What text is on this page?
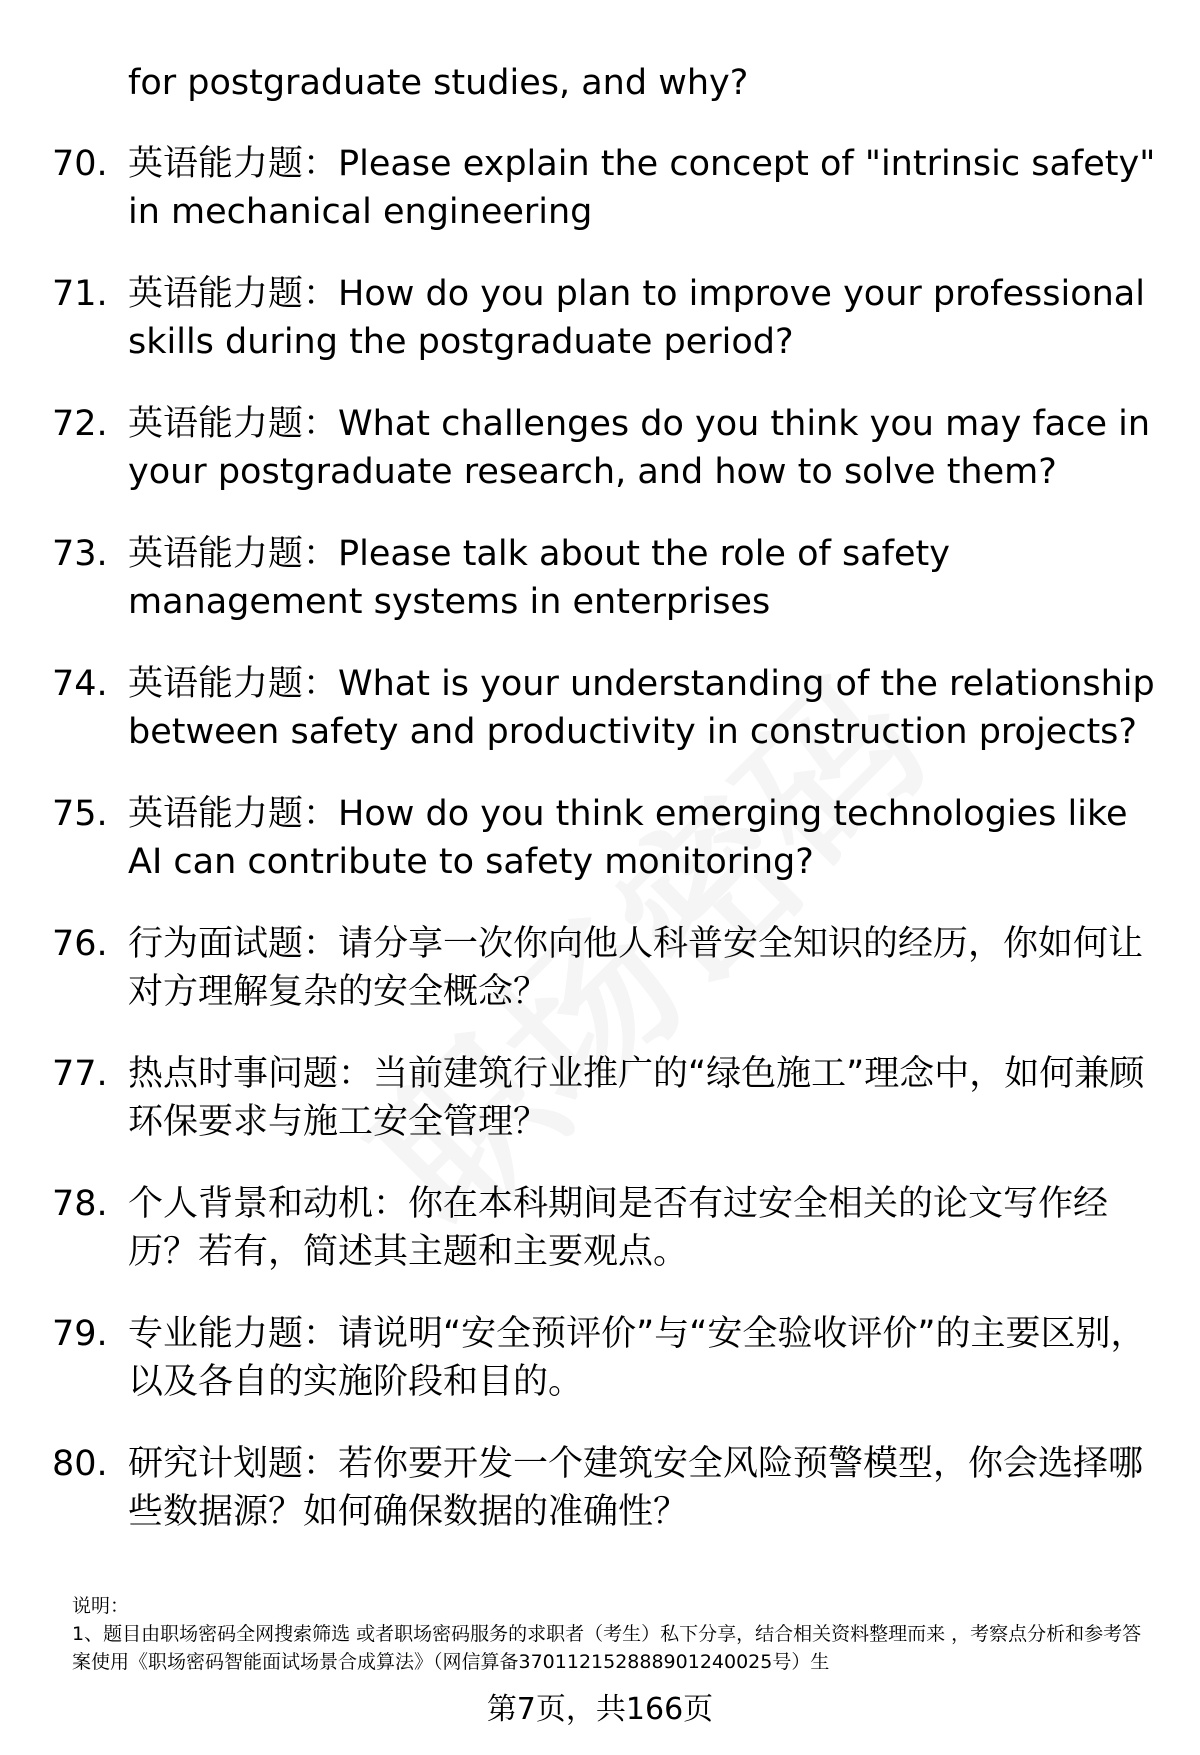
for postgraduate studies, and why?
70. 英语能力题：Please explain the concept of "intrinsic safety" in mechanical engineering
71. 英语能力题：How do you plan to improve your professional skills during the postgraduate period?
72. 英语能力题：What challenges do you think you may face in your postgraduate research, and how to solve them?
73. 英语能力题：Please talk about the role of safety management systems in enterprises
74. 英语能力题：What is your understanding of the relationship between safety and productivity in construction projects?
75. 英语能力题：How do you think emerging technologies like AI can contribute to safety monitoring?
76. 行为面试题：请分享一次你向他人科普安全知识的经历，你如何让对方理解复杂的安全概念？
77. 热点时事问题：当前建筑行业推广的“绿色施工”理念中，如何兼顾环保要求与施工安全管理？
78. 个人背景和动机：你在本科期间是否有过安全相关的论文写作经历？若有，简述其主题和主要观点。
79. 专业能力题：请说明“安全预评价”与“安全验收评价”的主要区别，以及各自的实施阶段和目的。
80. 研究计划题：若你要开发一个建筑安全风险预警模型，你会选择哪些数据源？如何确保数据的准确性？
说明：
1、题目由职场密码全网搜索筛选 或者职场密码服务的求职者（考生）私下分享，结合相关资料整理而来 ，考察点分析和参考答案使用《职场密码智能面试场景合成算法》（网信算备370112152888901240025号）生
第7页，共166页
